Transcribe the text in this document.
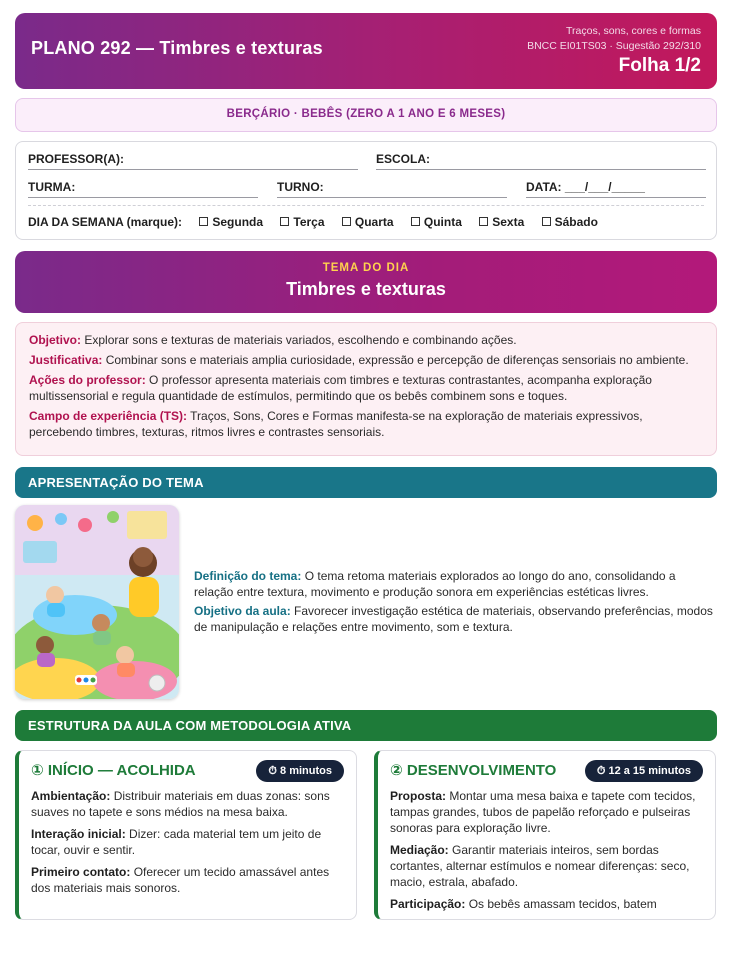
PLANO 292 — Timbres e texturas
Traços, sons, cores e formas
BNCC EI01TS03 · Sugestão 292/310
Folha 1/2
BERÇÁRIO · BEBÊS (ZERO A 1 ANO E 6 MESES)
PROFESSOR(A):	ESCOLA:
TURMA:	TURNO:	DATA: ___/___/_____
DIA DA SEMANA (marque):	Segunda	Terça	Quarta	Quinta	Sexta	Sábado
TEMA DO DIA
Timbres e texturas

Objetivo: Explorar sons e texturas de materiais variados, escolhendo e combinando ações.

Justificativa: Combinar sons e materiais amplia curiosidade, expressão e percepção de diferenças sensoriais no ambiente.

Ações do professor: O professor apresenta materiais com timbres e texturas contrastantes, acompanha exploração multissensorial e regula quantidade de estímulos, permitindo que os bebês combinem sons e toques.

Campo de experiência (TS): Traços, Sons, Cores e Formas manifesta-se na exploração de materiais expressivos, percebendo timbres, texturas, ritmos livres e contrastes sensoriais.

APRESENTAÇÃO DO TEMA

Definição do tema: O tema retoma materiais explorados ao longo do ano, consolidando a relação entre textura, movimento e produção sonora em experiências estéticas livres.

Objetivo da aula: Favorecer investigação estética de materiais, observando preferências, modos de manipulação e relações entre movimento, som e textura.

ESTRUTURA DA AULA COM METODOLOGIA ATIVA
① INÍCIO — ACOLHIDA	⏱ 8 minutos

Ambientação: Distribuir materiais em duas zonas: sons suaves no tapete e sons médios na mesa baixa.

Interação inicial: Dizer: cada material tem um jeito de tocar, ouvir e sentir.

Primeiro contato: Oferecer um tecido amassável antes dos materiais mais sonoros.

② DESENVOLVIMENTO	⏱ 12 a 15 minutos

Proposta: Montar uma mesa baixa e tapete com tecidos, tampas grandes, tubos de papelão reforçado e pulseiras sonoras para exploração livre.

Mediação: Garantir materiais inteiros, sem bordas cortantes, alternar estímulos e nomear diferenças: seco, macio, estrala, abafado.

Participação: Os bebês amassam tecidos, batem
